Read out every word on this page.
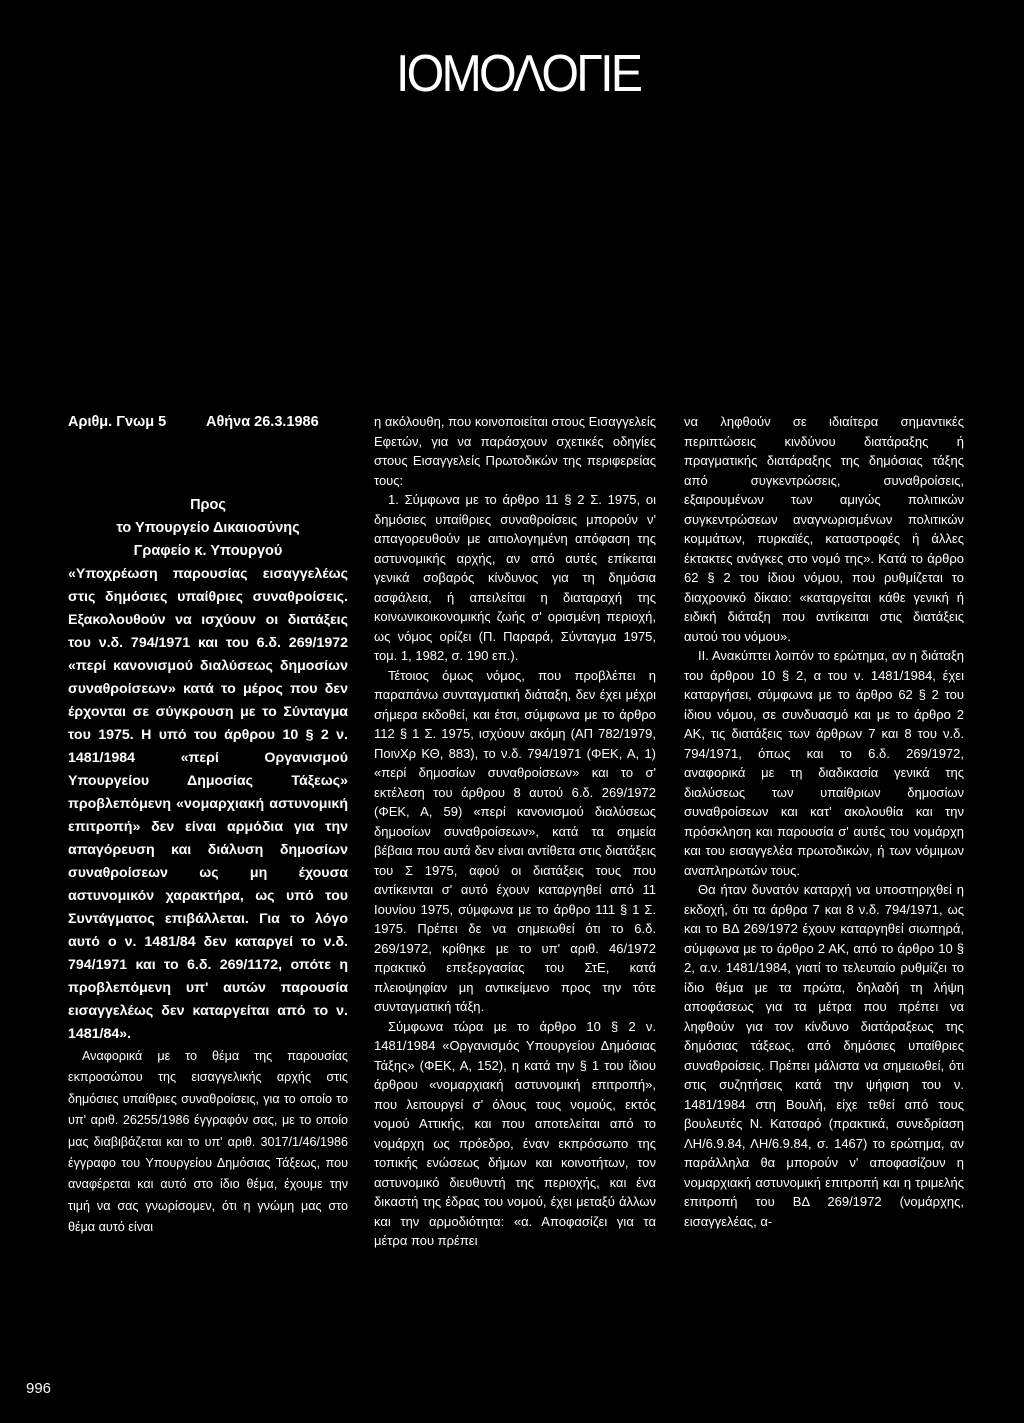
ΙΟΜΟΛΟΓΙΕ
Αριθμ. Γνωμ 5	Αθήνα 26.3.1986
Προς
το Υπουργείο Δικαιοσύνης
Γραφείο κ. Υπουργού

«Υποχρέωση παρουσίας εισαγγελέως στις δημόσιες υπαίθριες συναθροίσεις. Εξακολουθούν να ισχύουν οι διατάξεις του ν.δ. 794/1971 και του 6.δ. 269/1972 «περί κανονισμού διαλύσεως δημοσίων συναθροίσεων» κατά το μέρος που δεν έρχονται σε σύγκρουση με το Σύνταγμα του 1975. Η υπό του άρθρου 10 § 2 ν. 1481/1984 «περί Οργανισμού Υπουργείου Δημοσίας Τάξεως» προβλεπόμενη «νομαρχιακή αστυνομική επιτροπή» δεν είναι αρμόδια για την απαγόρευση και διάλυση δημοσίων συναθροίσεων ως μη έχουσα αστυνομικόν χαρακτήρα, ως υπό του Συντάγματος επιβάλλεται. Για το λόγο αυτό ο ν. 1481/84 δεν καταργεί το ν.δ. 794/1971 και το 6.δ. 269/1172, οπότε η προβλεπόμενη υπ' αυτών παρουσία εισαγγελέως δεν καταργείται από το ν. 1481/84».

Αναφορικά με το θέμα της παρουσίας εκπροσώπου της εισαγγελικής αρχής στις δημόσιες υπαίθριες συναθροίσεις, για το οποίο το υπ' αριθ. 26255/1986 έγγραφόν σας, με το οποίο μας διαβιβάζεται και το υπ' αριθ. 3017/1/46/1986 έγγραφο του Υπουργείου Δημόσιας Τάξεως, που αναφέρεται και αυτό στο ίδιο θέμα, έχουμε την τιμή να σας γνωρίσομεν, ότι η γνώμη μας στο θέμα αυτό είναι

η ακόλουθη, που κοινοποιείται στους Εισαγγελείς Εφετών, για να παράσχουν σχετικές οδηγίες στους Εισαγγελείς Πρωτοδικών της περιφερείας τους:

1. Σύμφωνα με το άρθρο 11 § 2 Σ. 1975, οι δημόσιες υπαίθριες συναθροίσεις μπορούν ν' απαγορευθούν με αιτιολογημένη απόφαση της αστυνομικής αρχής, αν από αυτές επίκειται γενικά σοβαρός κίνδυνος για τη δημόσια ασφάλεια, ή απειλείται η διαταραχή της κοινωνικοικονομικής ζωής σ' ορισμένη περιοχή, ως νόμος ορίζει (Π. Παραρά, Σύνταγμα 1975, τομ. 1, 1982, σ. 190 επ.).

Τέτοιος όμως νόμος, που προβλέπει η παραπάνω συνταγματική διάταξη, δεν έχει μέχρι σήμερα εκδοθεί, και έτσι, σύμφωνα με το άρθρο 112 § 1 Σ. 1975, ισχύουν ακόμη (ΑΠ 782/1979, ΠοινΧρ ΚΘ, 883), το ν.δ. 794/1971 (ΦΕΚ, Α, 1) «περί δημοσίων συναθροίσεων» και το σ' εκτέλεση του άρθρου 8 αυτού 6.δ. 269/1972 (ΦΕΚ, Α, 59) «περί κανονισμού διαλύσεως δημοσίων συναθροίσεων», κατά τα σημεία βέβαια που αυτά δεν είναι αντίθετα στις διατάξεις του Σ 1975, αφού οι διατάξεις τους που αντίκεινται σ' αυτό έχουν καταργηθεί από 11 Ιουνίου 1975, σύμφωνα με το άρθρο 111 § 1 Σ. 1975. Πρέπει δε να σημειωθεί ότι το 6.δ. 269/1972, κρίθηκε με το υπ' αριθ. 46/1972 πρακτικό επεξεργασίας του ΣτΕ, κατά πλειοψηφίαν μη αντικείμενο προς την τότε συνταγματική τάξη.

Σύμφωνα τώρα με το άρθρο 10 § 2 ν. 1481/1984 «Οργανισμός Υπουργείου Δημόσιας Τάξης» (ΦΕΚ, Α, 152), η κατά την § 1 του ίδιου άρθρου «νομαρχιακή αστυνομική επιτροπή», που λειτουργεί σ' όλους τους νομούς, εκτός νομού Αττικής, και που αποτελείται από το νομάρχη ως πρόεδρο, έναν εκπρόσωπο της τοπικής ενώσεως δήμων και κοινοτήτων, τον αστυνομικό διευθυντή της περιοχής, και ένα δικαστή της έδρας του νομού, έχει μεταξύ άλλων και την αρμοδιότητα: «α. Αποφασίζει για τα μέτρα που πρέπει

να ληφθούν σε ιδιαίτερα σημαντικές περιπτώσεις κινδύνου διατάραξης ή πραγματικής διατάραξης της δημόσιας τάξης από συγκεντρώσεις, συναθροίσεις, εξαιρουμένων των αμιγώς πολιτικών συγκεντρώσεων αναγνωρισμένων πολιτικών κομμάτων, πυρκαϊές, καταστροφές ή άλλες έκτακτες ανάγκες στο νομό της». Κατά το άρθρο 62 § 2 του ίδιου νόμου, που ρυθμίζεται το διαχρονικό δίκαιο: «καταργείται κάθε γενική ή ειδική διάταξη που αντίκειται στις διατάξεις αυτού του νόμου».

ΙΙ. Ανακύπτει λοιπόν το ερώτημα, αν η διάταξη του άρθρου 10 § 2, α του ν. 1481/1984, έχει καταργήσει, σύμφωνα με το άρθρο 62 § 2 του ίδιου νόμου, σε συνδυασμό και με το άρθρο 2 ΑΚ, τις διατάξεις των άρθρων 7 και 8 του ν.δ. 794/1971, όπως και το 6.δ. 269/1972, αναφορικά με τη διαδικασία γενικά της διαλύσεως των υπαίθριων δημοσίων συναθροίσεων και κατ' ακολουθία και την πρόσκληση και παρουσία σ' αυτές του νομάρχη και του εισαγγελέα πρωτοδικών, ή των νόμιμων αναπληρωτών τους.

Θα ήταν δυνατόν καταρχή να υποστηριχθεί η εκδοχή, ότι τα άρθρα 7 και 8 ν.δ. 794/1971, ως και το ΒΔ 269/1972 έχουν καταργηθεί σιωπηρά, σύμφωνα με το άρθρο 2 ΑΚ, από το άρθρο 10 § 2, α.ν. 1481/1984, γιατί το τελευταίο ρυθμίζει το ίδιο θέμα με τα πρώτα, δηλαδή τη λήψη αποφάσεως για τα μέτρα που πρέπει να ληφθούν για τον κίνδυνο διατάραξεως της δημόσιας τάξεως, από δημόσιες υπαίθριες συναθροίσεις. Πρέπει μάλιστα να σημειωθεί, ότι στις συζητήσεις κατά την ψήφιση του ν. 1481/1984 στη Βουλή, είχε τεθεί από τους βουλευτές Ν. Κατσαρό (πρακτικά, συνεδρίαση ΛΗ/6.9.84, ΛΗ/6.9.84, σ. 1467) το ερώτημα, αν παράλληλα θα μπορούν ν' αποφασίζουν η νομαρχιακή αστυνομική επιτροπή και η τριμελής επιτροπή του ΒΔ 269/1972 (νομάρχης, εισαγγελέας, α-

996
